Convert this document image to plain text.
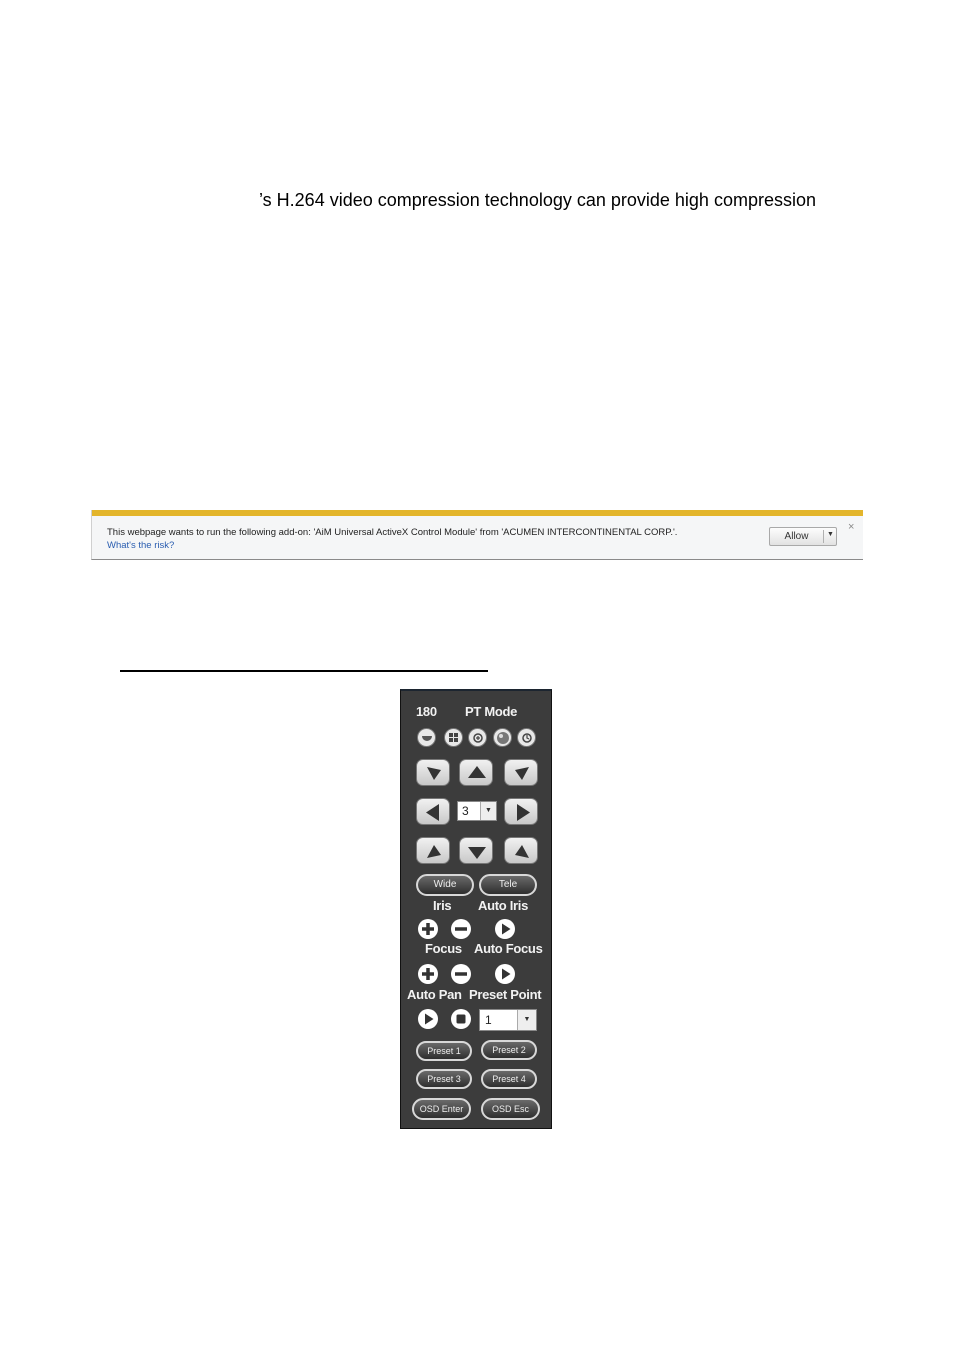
’s H.264 video compression technology can provide high compression
This webpage wants to run the following add-on: 'AiM Universal ActiveX Control Module' from 'ACUMEN INTERCONTINENTAL CORP.'.
What's the risk?
Allow	▼
×
180 PT Mode
3	▼
Wide	Tele
Iris Auto Iris
Focus Auto Focus
Auto Pan Preset Point
1	▼
Preset 1	Preset 2
Preset 3	Preset 4
OSD Enter	OSD Esc
